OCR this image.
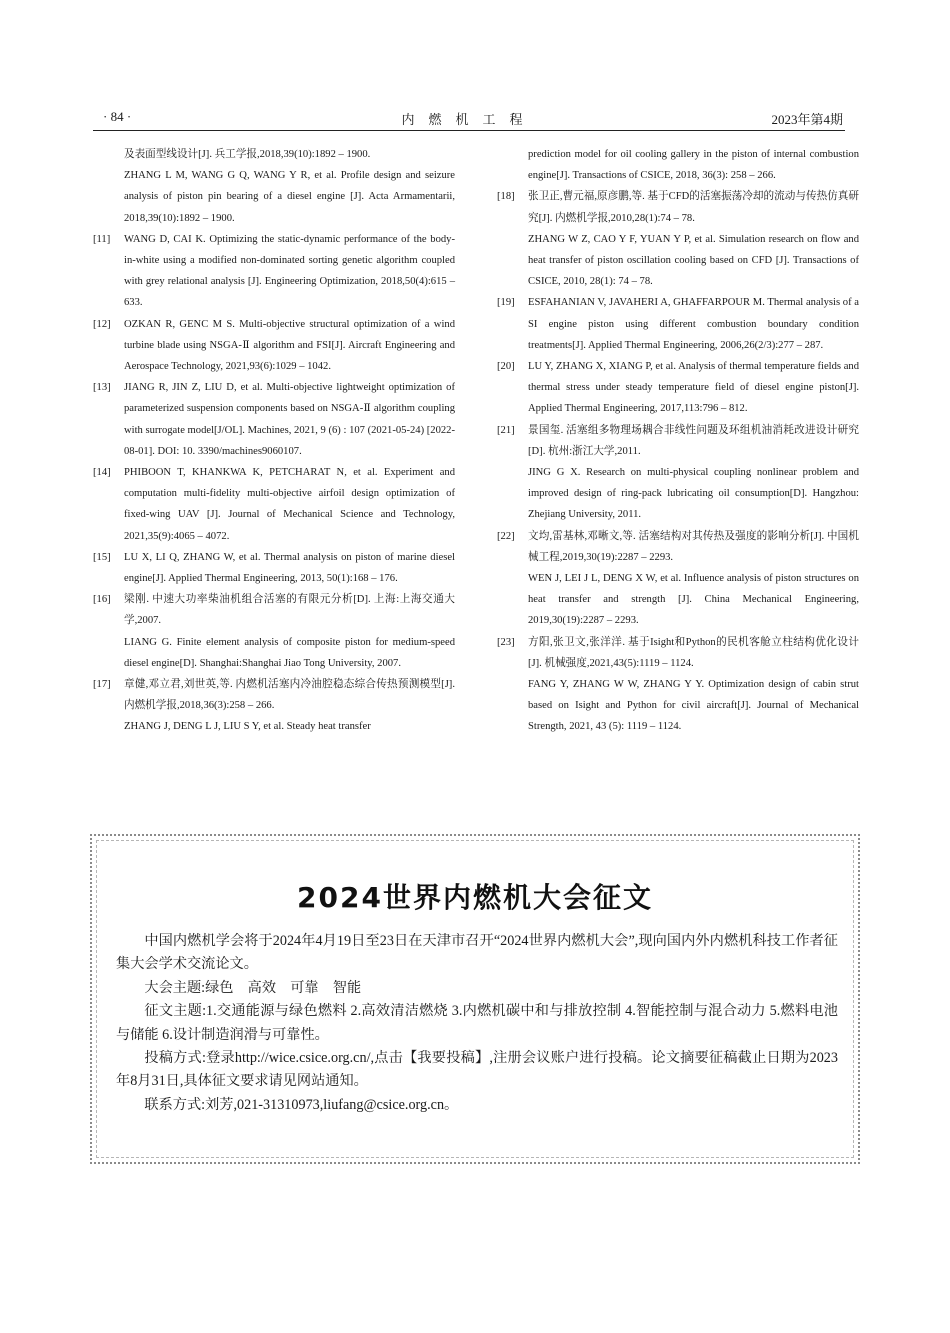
· 84 ·	内燃机工程	2023年第4期

及表面型线设计[J]. 兵工学报,2018,39(10):1892 – 1900.

ZHANG L M, WANG G Q, WANG Y R, et al. Profile design and seizure analysis of piston pin bearing of a diesel engine [J]. Acta Armamentarii, 2018,39(10):1892 – 1900.

[11] WANG D, CAI K. Optimizing the static-dynamic performance of the body-in-white using a modified non-dominated sorting genetic algorithm coupled with grey relational analysis [J]. Engineering Optimization, 2018,50(4):615 – 633.

[12] OZKAN R, GENC M S. Multi-objective structural optimization of a wind turbine blade using NSGA-Ⅱ algorithm and FSI[J]. Aircraft Engineering and Aerospace Technology, 2021,93(6):1029 – 1042.

[13] JIANG R, JIN Z, LIU D, et al. Multi-objective lightweight optimization of parameterized suspension components based on NSGA-Ⅱ algorithm coupling with surrogate model[J/OL]. Machines, 2021, 9 (6) : 107 (2021-05-24) [2022-08-01]. DOI: 10. 3390/machines9060107.

[14] PHIBOON T, KHANKWA K, PETCHARAT N, et al. Experiment and computation multi-fidelity multi-objective airfoil design optimization of fixed-wing UAV [J]. Journal of Mechanical Science and Technology, 2021,35(9):4065 – 4072.

[15] LU X, LI Q, ZHANG W, et al. Thermal analysis on piston of marine diesel engine[J]. Applied Thermal Engineering, 2013, 50(1):168 – 176.

[16] 梁刚. 中速大功率柴油机组合活塞的有限元分析[D]. 上海:上海交通大学,2007.

LIANG G. Finite element analysis of composite piston for medium-speed diesel engine[D]. Shanghai:Shanghai Jiao Tong University, 2007.

[17] 章健,邓立君,刘世英,等. 内燃机活塞内冷油腔稳态综合传热预测模型[J]. 内燃机学报,2018,36(3):258 – 266.

ZHANG J, DENG L J, LIU S Y, et al. Steady heat transfer

prediction model for oil cooling gallery in the piston of internal combustion engine[J]. Transactions of CSICE, 2018, 36(3): 258 – 266.

[18] 张卫正,曹元福,原彦鹏,等. 基于CFD的活塞振荡冷却的流动与传热仿真研究[J]. 内燃机学报,2010,28(1):74 – 78.

ZHANG W Z, CAO Y F, YUAN Y P, et al. Simulation research on flow and heat transfer of piston oscillation cooling based on CFD [J]. Transactions of CSICE, 2010, 28(1): 74 – 78.

[19] ESFAHANIAN V, JAVAHERI A, GHAFFARPOUR M. Thermal analysis of a SI engine piston using different combustion boundary condition treatments[J]. Applied Thermal Engineering, 2006,26(2/3):277 – 287.

[20] LU Y, ZHANG X, XIANG P, et al. Analysis of thermal temperature fields and thermal stress under steady temperature field of diesel engine piston[J]. Applied Thermal Engineering, 2017,113:796 – 812.

[21] 景国玺. 活塞组多物理场耦合非线性问题及环组机油消耗改进设计研究[D]. 杭州:浙江大学,2011.

JING G X. Research on multi-physical coupling nonlinear problem and improved design of ring-pack lubricating oil consumption[D]. Hangzhou: Zhejiang University, 2011.

[22] 文均,雷基林,邓晰文,等. 活塞结构对其传热及强度的影响分析[J]. 中国机械工程,2019,30(19):2287 – 2293.

WEN J, LEI J L, DENG X W, et al. Influence analysis of piston structures on heat transfer and strength [J]. China Mechanical Engineering, 2019,30(19):2287 – 2293.

[23] 方阳,张卫文,张洋洋. 基于Isight和Python的民机客舱立柱结构优化设计[J]. 机械强度,2021,43(5):1119 – 1124.

FANG Y, ZHANG W W, ZHANG Y Y. Optimization design of cabin strut based on Isight and Python for civil aircraft[J]. Journal of Mechanical Strength, 2021, 43 (5): 1119 – 1124.

2024世界内燃机大会征文

中国内燃机学会将于2024年4月19日至23日在天津市召开“2024世界内燃机大会”,现向国内外内燃机科技工作者征集大会学术交流论文。

大会主题:绿色　高效　可靠　智能

征文主题:1.交通能源与绿色燃料 2.高效清洁燃烧 3.内燃机碳中和与排放控制 4.智能控制与混合动力 5.燃料电池与储能 6.设计制造润滑与可靠性。

投稿方式:登录http://wice.csice.org.cn/,点击【我要投稿】,注册会议账户进行投稿。论文摘要征稿截止日期为2023年8月31日,具体征文要求请见网站通知。

联系方式:刘芳,021-31310973,liufang@csice.org.cn。
